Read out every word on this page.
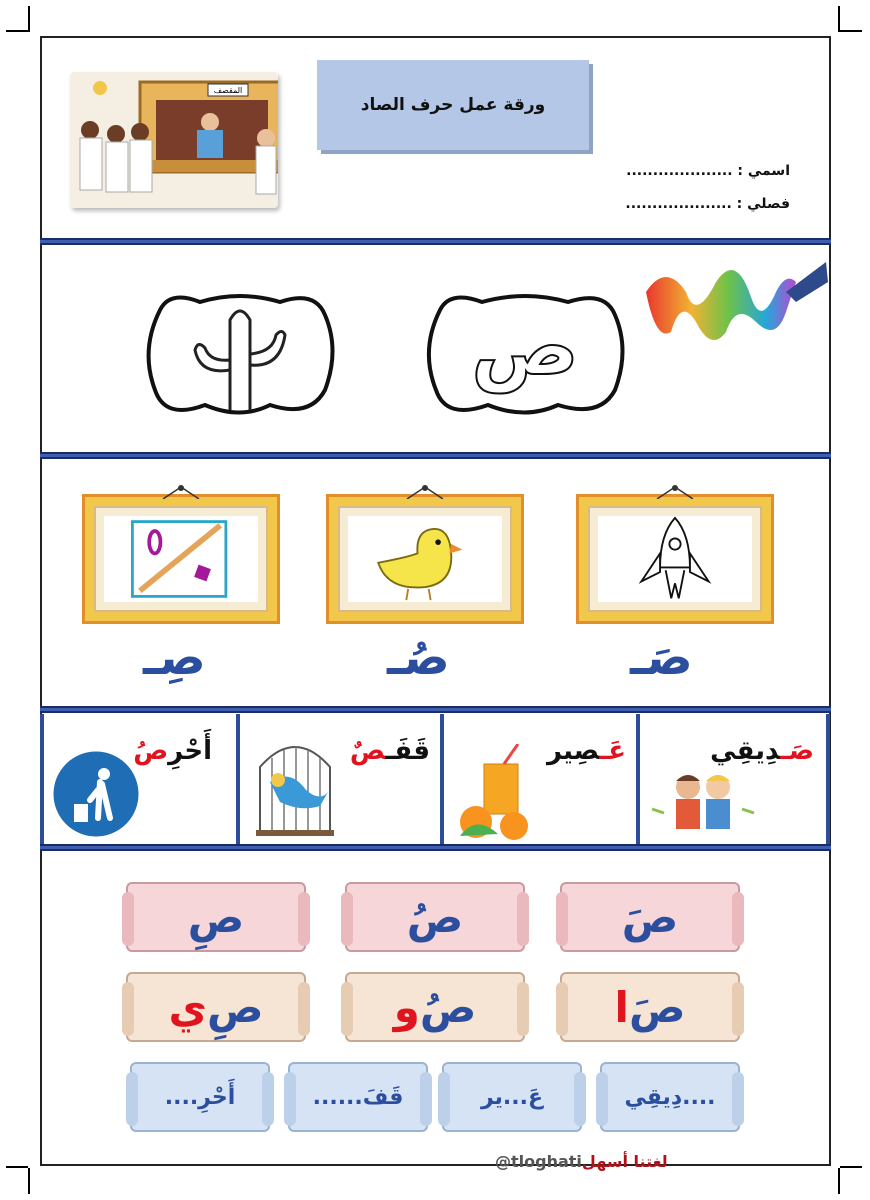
المقصف
ورقة عمل حرف الصاد
اسمي : ....................
فصلي : ....................
ص
صَـ
صُـ
صِـ
صَـدِيقِي
عَـصِير
قَفَـصٌ
أَحْرِصُ
صَ
صُ
صِ
صَ
ا
صُ
و
صِ
ي
....دِيقِي
عَ...ير
قَفَ......
أَحْرِ....
@tloghatiلغتنا أسهل
